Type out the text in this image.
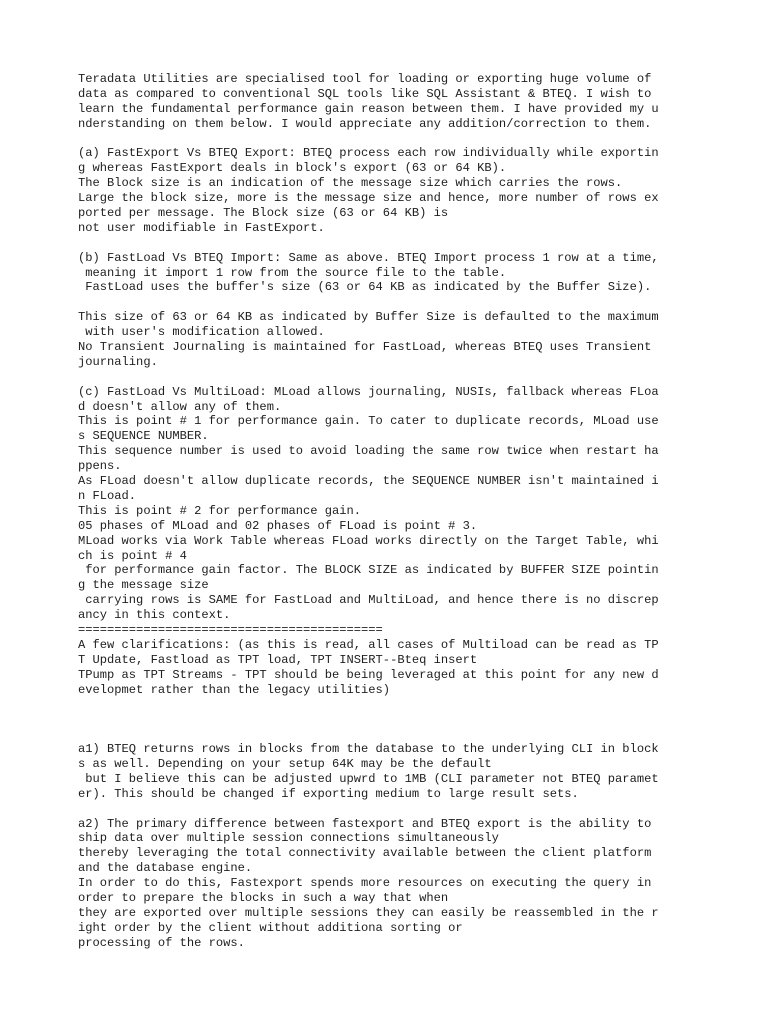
Teradata Utilities are specialised tool for loading or exporting huge volume of
data as compared to conventional SQL tools like SQL Assistant & BTEQ. I wish to
learn the fundamental performance gain reason between them. I have provided my u
nderstanding on them below. I would appreciate any addition/correction to them.
(a) FastExport Vs BTEQ Export: BTEQ process each row individually while exportin
g whereas FastExport deals in block's export (63 or 64 KB).
The Block size is an indication of the message size which carries the rows.
Large the block size, more is the message size and hence, more number of rows ex
ported per message. The Block size (63 or 64 KB) is
not user modifiable in FastExport.
(b) FastLoad Vs BTEQ Import: Same as above. BTEQ Import process 1 row at a time,
meaning it import 1 row from the source file to the table.
FastLoad uses the buffer's size (63 or 64 KB as indicated by the Buffer Size).
This size of 63 or 64 KB as indicated by Buffer Size is defaulted to the maximum
with user's modification allowed.
No Transient Journaling is maintained for FastLoad, whereas BTEQ uses Transient
journaling.
(c) FastLoad Vs MultiLoad: MLoad allows journaling, NUSIs, fallback whereas FLoa
d doesn't allow any of them.
This is point # 1 for performance gain. To cater to duplicate records, MLoad use
s SEQUENCE NUMBER.
This sequence number is used to avoid loading the same row twice when restart ha
ppens.
As FLoad doesn't allow duplicate records, the SEQUENCE NUMBER isn't maintained i
n FLoad.
This is point # 2 for performance gain.
05 phases of MLoad and 02 phases of FLoad is point # 3.
MLoad works via Work Table whereas FLoad works directly on the Target Table, whi
ch is point # 4
for performance gain factor. The BLOCK SIZE as indicated by BUFFER SIZE pointin
g the message size
carrying rows is SAME for FastLoad and MultiLoad, and hence there is no discrep
ancy in this context.
==========================================
A few clarifications: (as this is read, all cases of Multiload can be read as TP
T Update, Fastload as TPT load, TPT INSERT--Bteq insert
TPump as TPT Streams - TPT should be being leveraged at this point for any new d
evelopmet rather than the legacy utilities)
a1) BTEQ returns rows in blocks from the database to the underlying CLI in block
s as well. Depending on your setup 64K may be the default
but I believe this can be adjusted upwrd to 1MB (CLI parameter not BTEQ paramet
er). This should be changed if exporting medium to large result sets.
a2) The primary difference between fastexport and BTEQ export is the ability to
ship data over multiple session connections simultaneously
thereby leveraging the total connectivity available between the client platform
and the database engine.
In order to do this, Fastexport spends more resources on executing the query in
order to prepare the blocks in such a way that when
they are exported over multiple sessions they can easily be reassembled in the r
ight order by the client without additiona sorting or
processing of the rows.
